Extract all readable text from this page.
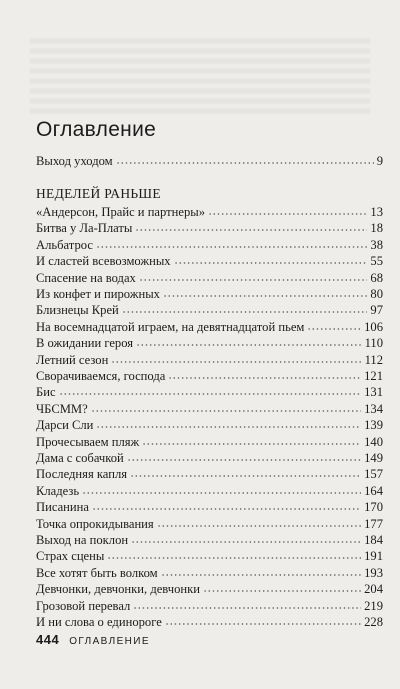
Оглавление
Выход уходом	9
НЕДЕЛЕЙ РАНЬШЕ
«Андерсон, Прайс и партнеры»	13
Битва у Ла-Платы	18
Альбатрос	38
И сластей всевозможных	55
Спасение на водах	68
Из конфет и пирожных	80
Близнецы Крей	97
На восемнадцатой играем, на девятнадцатой пьем	106
В ожидании героя	110
Летний сезон	112
Сворачиваемся, господа	121
Бис	131
ЧБСММ?	134
Дарси Сли	139
Прочесываем пляж	140
Дама с собачкой	149
Последняя капля	157
Кладезь	164
Писанина	170
Точка опрокидывания	177
Выход на поклон	184
Страх сцены	191
Все хотят быть волком	193
Девчонки, девчонки, девчонки	204
Грозовой перевал	219
И ни слова о единороге	228
444 ОГЛАВЛЕНИЕ
